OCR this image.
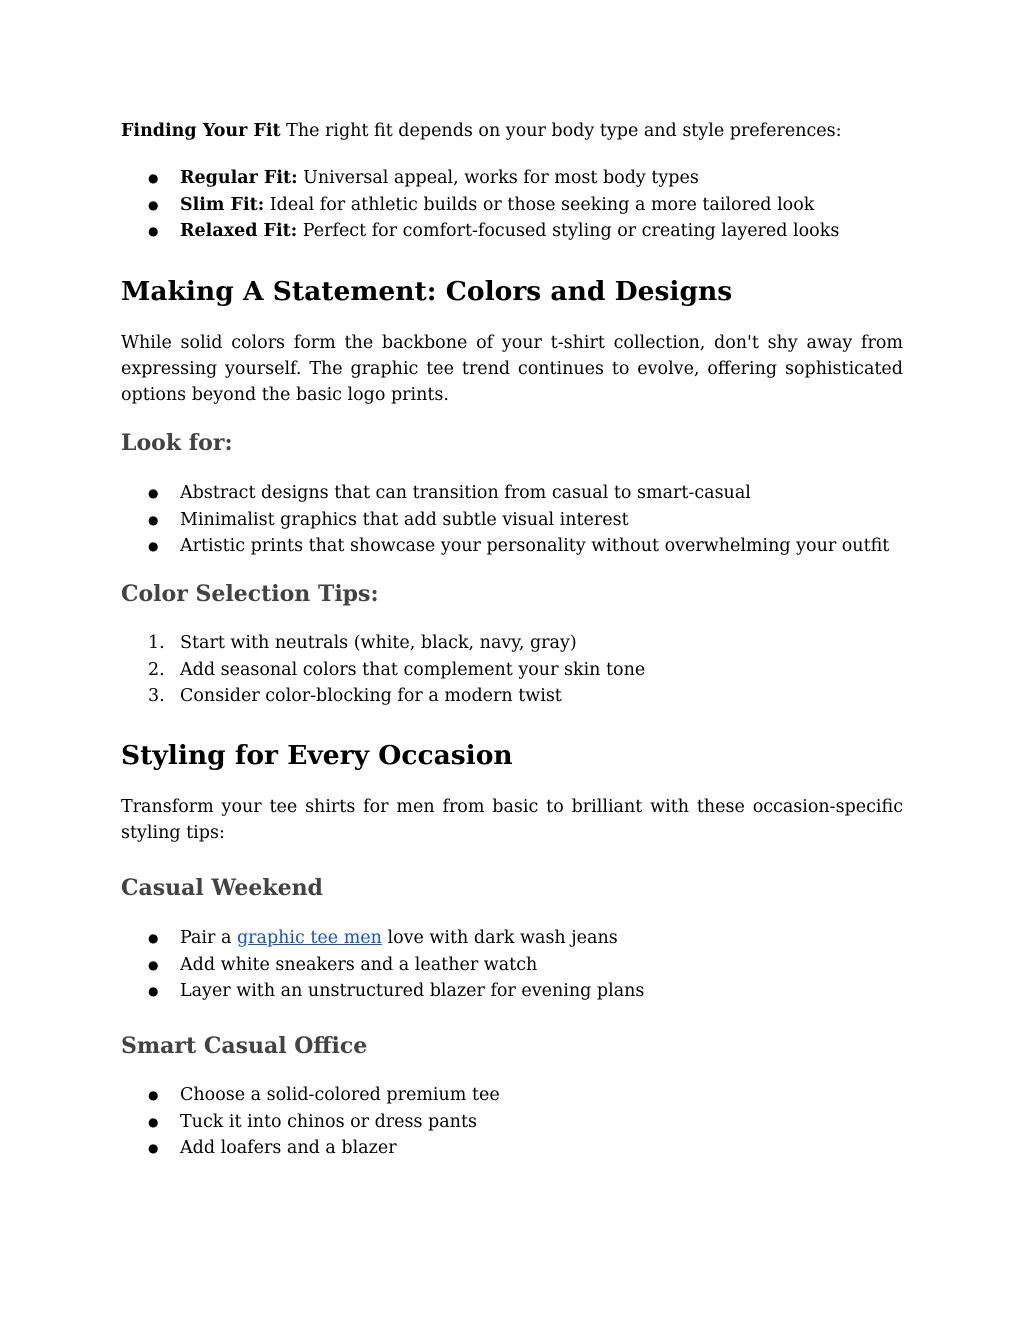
Finding Your Fit The right fit depends on your body type and style preferences:

● Regular Fit: Universal appeal, works for most body types
● Slim Fit: Ideal for athletic builds or those seeking a more tailored look
● Relaxed Fit: Perfect for comfort-focused styling or creating layered looks
Making A Statement: Colors and Designs

While solid colors form the backbone of your t-shirt collection, don't shy away from expressing yourself. The graphic tee trend continues to evolve, offering sophisticated options beyond the basic logo prints.

Look for:
● Abstract designs that can transition from casual to smart-casual
● Minimalist graphics that add subtle visual interest
● Artistic prints that showcase your personality without overwhelming your outfit
Color Selection Tips:
1. Start with neutrals (white, black, navy, gray)
2. Add seasonal colors that complement your skin tone
3. Consider color-blocking for a modern twist
Styling for Every Occasion

Transform your tee shirts for men from basic to brilliant with these occasion-specific styling tips:

Casual Weekend
● Pair a graphic tee men love with dark wash jeans
● Add white sneakers and a leather watch
● Layer with an unstructured blazer for evening plans
Smart Casual Office
● Choose a solid-colored premium tee
● Tuck it into chinos or dress pants
● Add loafers and a blazer
